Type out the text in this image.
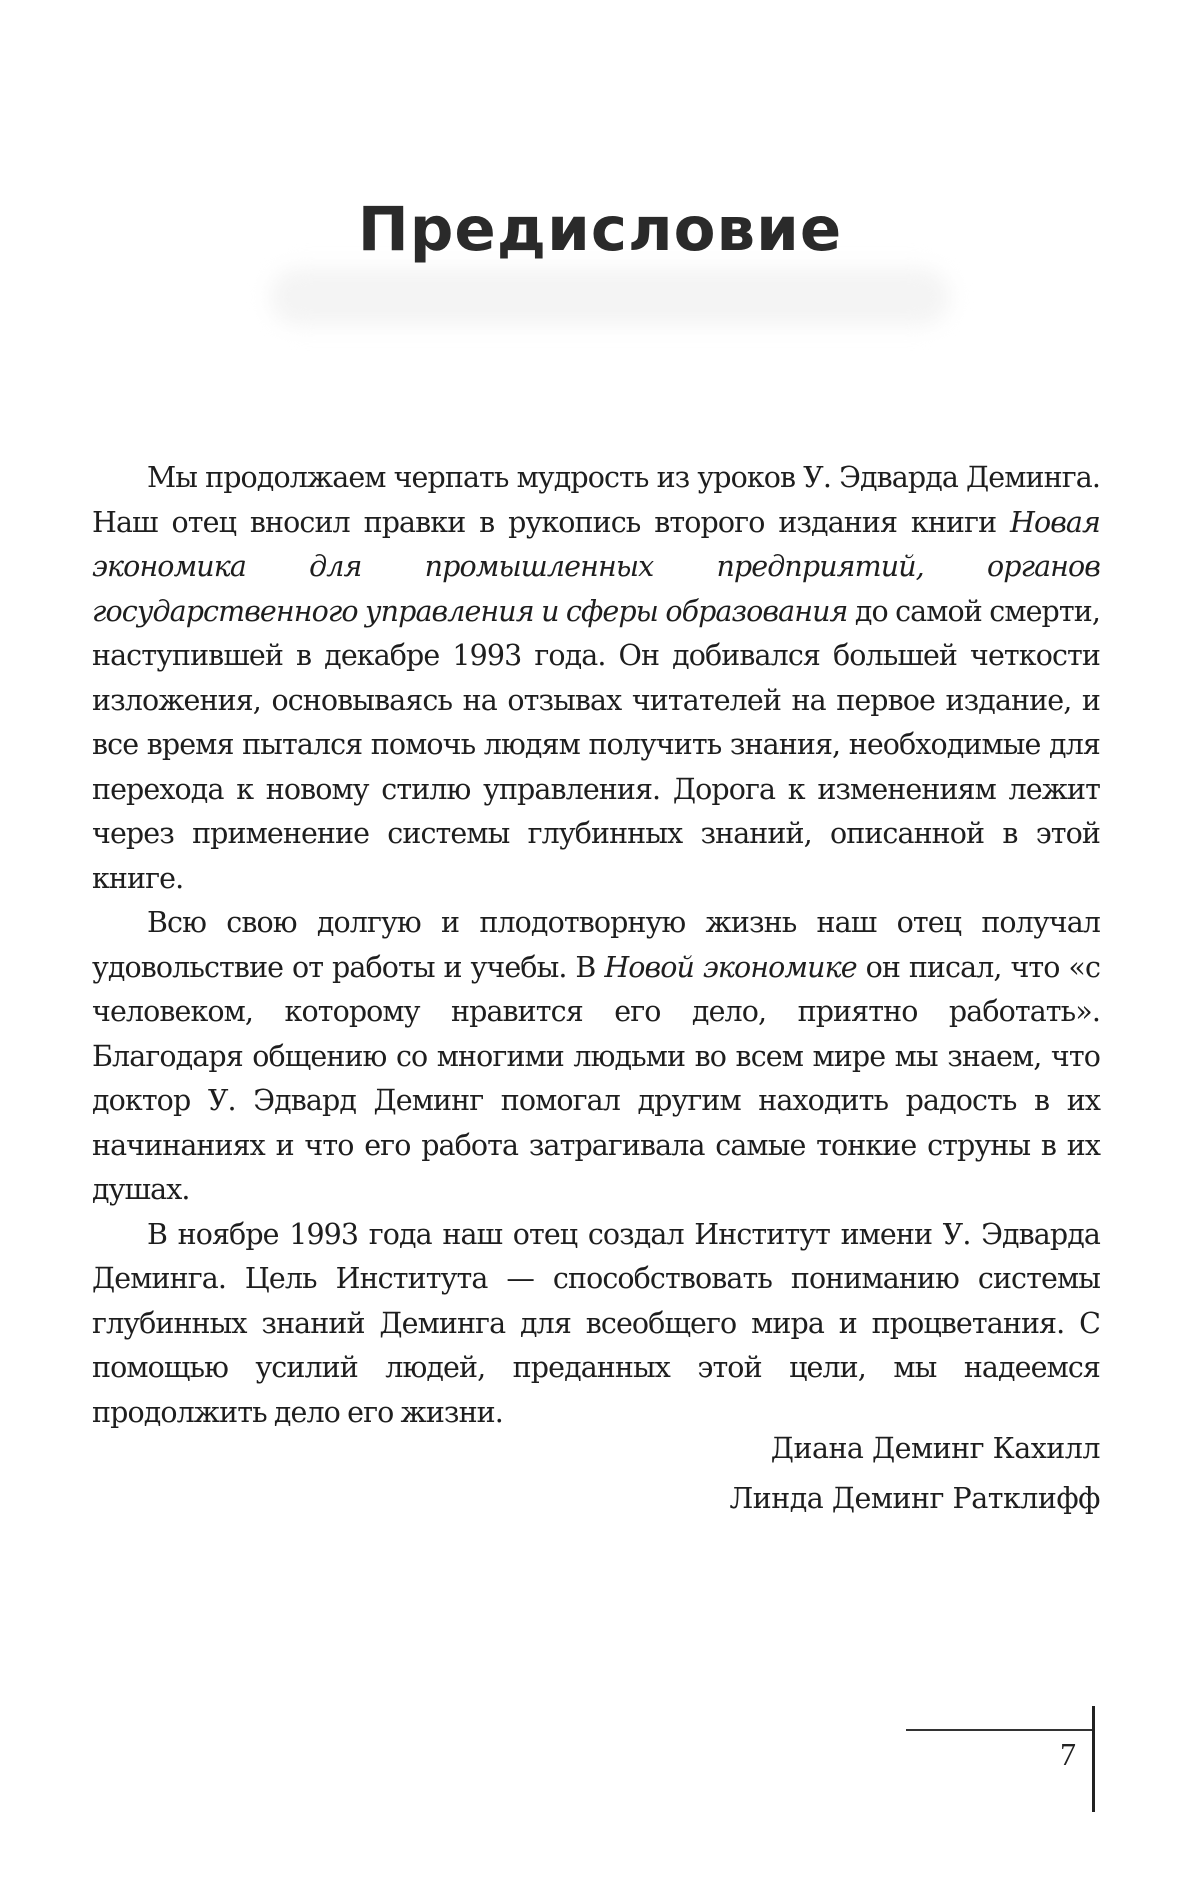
Предисловие

Мы продолжаем черпать мудрость из уроков У. Эдварда Деминга. Наш отец вносил правки в рукопись второго издания книги Новая экономика для промышленных предприятий, органов государственного управления и сферы образования до самой смерти, наступившей в декабре 1993 года. Он добивался большей четкости изложения, основываясь на отзывах читателей на первое издание, и все время пытался помочь людям получить знания, необходимые для перехода к новому стилю управления. Дорога к изменениям лежит через применение системы глубинных знаний, описанной в этой книге.

Всю свою долгую и плодотворную жизнь наш отец получал удовольствие от работы и учебы. В Новой экономике он писал, что «с человеком, которому нравится его дело, приятно работать». Благодаря общению со многими людьми во всем мире мы знаем, что доктор У. Эдвард Деминг помогал другим находить радость в их начинаниях и что его работа затрагивала самые тонкие струны в их душах.

В ноябре 1993 года наш отец создал Институт имени У. Эдварда Деминга. Цель Института — способствовать пониманию системы глубинных знаний Деминга для всеобщего мира и процветания. С помощью усилий людей, преданных этой цели, мы надеемся продолжить дело его жизни.

Диана Деминг Кахилл
Линда Деминг Ратклифф
7
